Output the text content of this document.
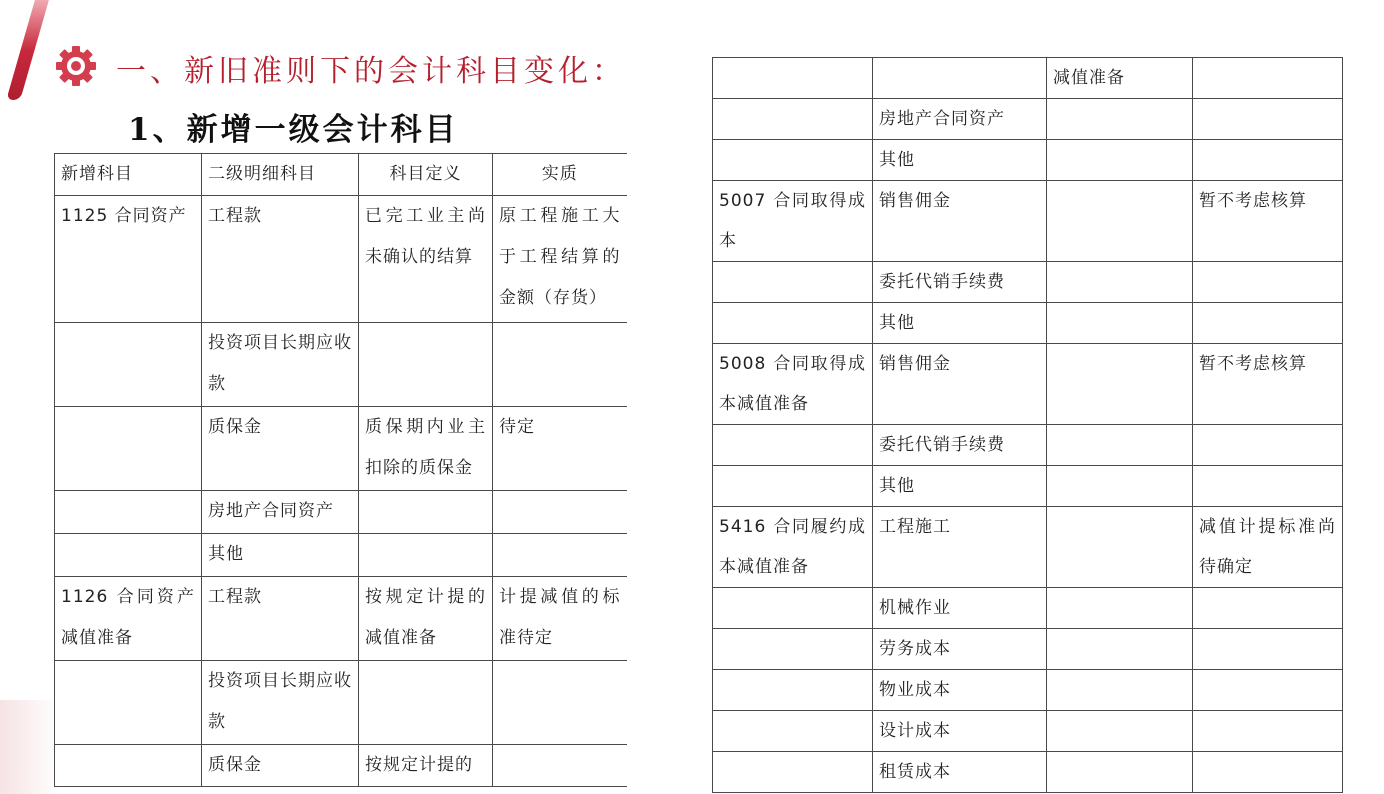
一、新旧准则下的会计科目变化：
1、新增一级会计科目
新增科目	二级明细科目	科目定义	实质
1125 合同资产	工程款	已完工业主尚未确认的结算	原工程施工大于工程结算的金额（存货）
	投资项目长期应收款		
	质保金	质保期内业主扣除的质保金	待定
	房地产合同资产		
	其他		
1126 合同资产减值准备	工程款	按规定计提的减值准备	计提减值的标准待定
	投资项目长期应收款		
	质保金	按规定计提的	
		减值准备	
	房地产合同资产		
	其他		
5007 合同取得成本	销售佣金		暂不考虑核算
	委托代销手续费		
	其他		
5008 合同取得成本减值准备	销售佣金		暂不考虑核算
	委托代销手续费		
	其他		
5416 合同履约成本减值准备	工程施工		减值计提标准尚待确定
	机械作业		
	劳务成本		
	物业成本		
	设计成本		
	租赁成本		
